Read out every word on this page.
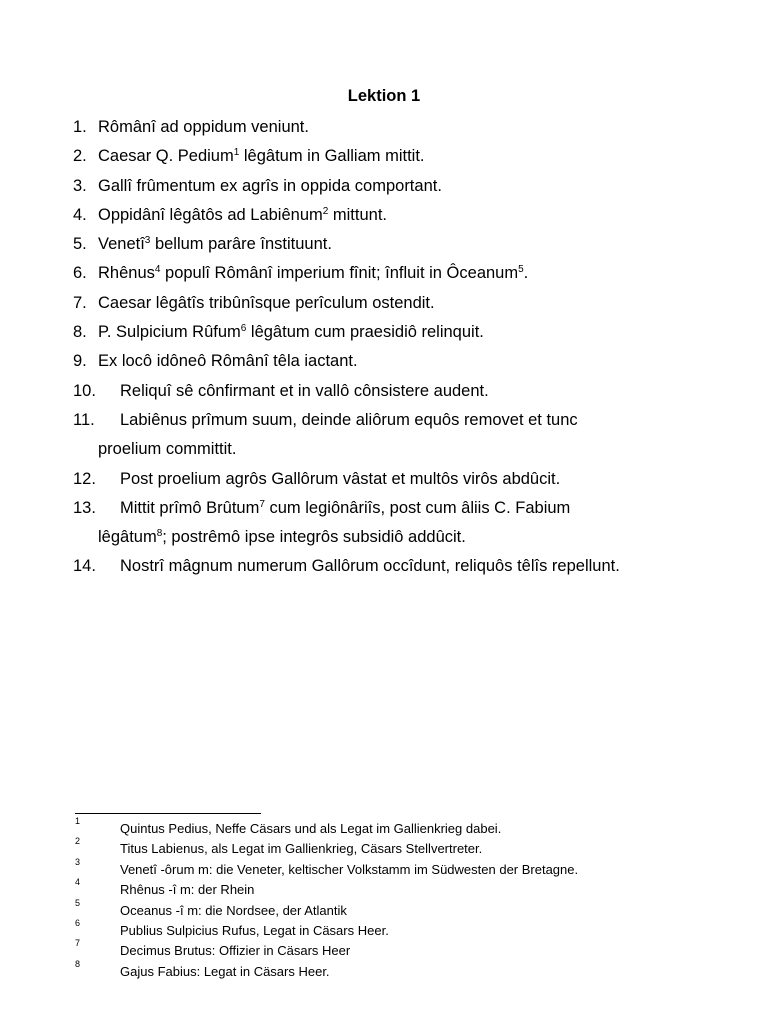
Lektion 1
1. Rômânî ad oppidum veniunt.
2. Caesar Q. Pedium$^1$ lêgâtum in Galliam mittit.
3. Gallî frûmentum ex agrîs in oppida comportant.
4. Oppidânî lêgâtôs ad Labiênum$^2$ mittunt.
5. Venetî$^3$ bellum parâre înstituunt.
6. Rhênus$^4$ populî Rômânî imperium fînit; înfluit in Ôceanum$^5$.
7. Caesar lêgâtîs tribûnîsque perîculum ostendit.
8. P. Sulpicium Rûfum$^6$ lêgâtum cum praesidiô relinquit.
9. Ex locô idôneô Rômânî têla iactant.
10.	Reliquî sê cônfirmant et in vallô cônsistere audent.
11.	Labiênus prîmum suum, deinde aliôrum equôs removet et tunc
proelium committit.
12.	Post proelium agrôs Gallôrum vâstat et multôs virôs abdûcit.
13.	Mittit prîmô Brûtum$^7$ cum legiônâriîs, post cum âliis C. Fabium
lêgâtum$^8$; postrêmô ipse integrôs subsidiô addûcit.
14.	Nostrî mâgnum numerum Gallôrum occîdunt, reliquôs têlîs repellunt.
1	Quintus Pedius, Neffe Cäsars und als Legat im Gallienkrieg dabei.
2	Titus Labienus, als Legat im Gallienkrieg, Cäsars Stellvertreter.
3	Venetî -ôrum m: die Veneter, keltischer Volkstamm im Südwesten der Bretagne.
4	Rhênus -î m: der Rhein
5	Oceanus -î m: die Nordsee, der Atlantik
6	Publius Sulpicius Rufus, Legat in Cäsars Heer.
7	Decimus Brutus: Offizier in Cäsars Heer
8	Gajus Fabius: Legat in Cäsars Heer.
